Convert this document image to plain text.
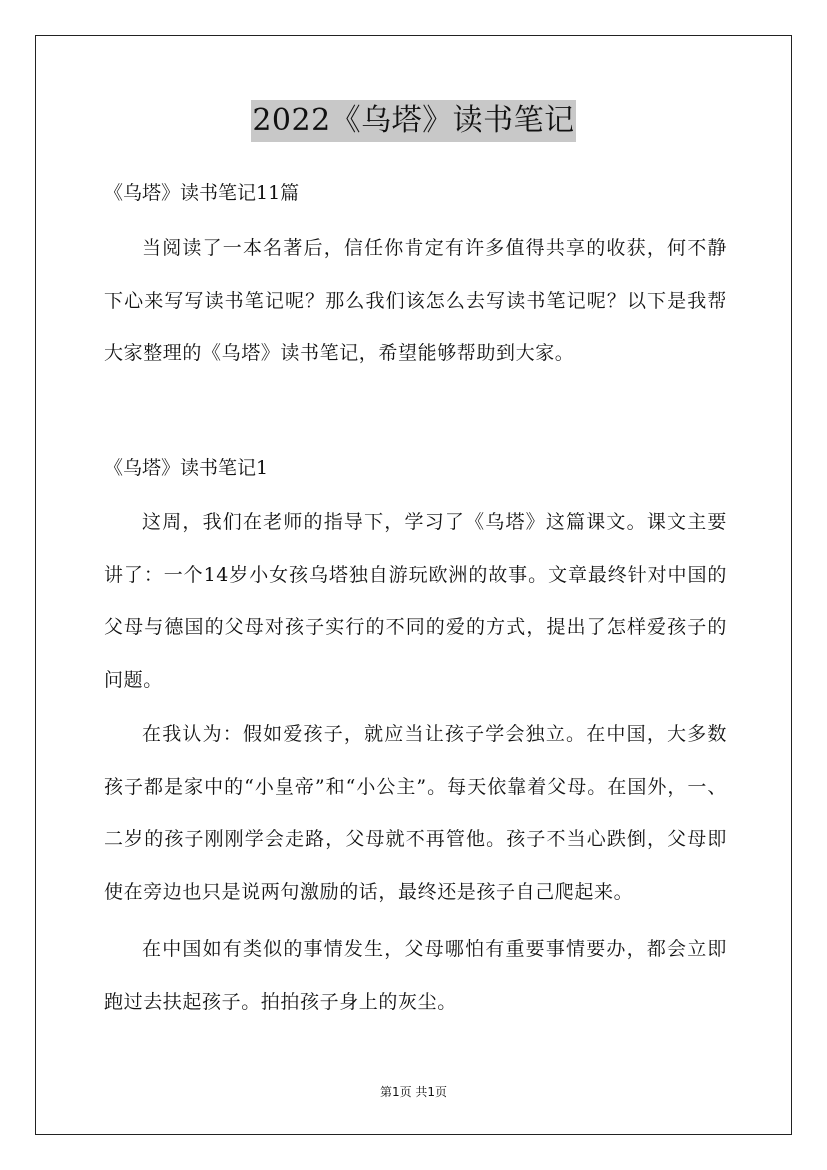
2022《乌塔》读书笔记
《乌塔》读书笔记11篇

当阅读了一本名著后，信任你肯定有许多值得共享的收获，何不静下心来写写读书笔记呢？那么我们该怎么去写读书笔记呢？以下是我帮大家整理的《乌塔》读书笔记，希望能够帮助到大家。

《乌塔》读书笔记1

这周，我们在老师的指导下，学习了《乌塔》这篇课文。课文主要讲了：一个14岁小女孩乌塔独自游玩欧洲的故事。文章最终针对中国的父母与德国的父母对孩子实行的不同的爱的方式，提出了怎样爱孩子的问题。

在我认为：假如爱孩子，就应当让孩子学会独立。在中国，大多数孩子都是家中的“小皇帝”和“小公主”。每天依靠着父母。在国外，一、二岁的孩子刚刚学会走路，父母就不再管他。孩子不当心跌倒，父母即使在旁边也只是说两句激励的话，最终还是孩子自己爬起来。

在中国如有类似的事情发生，父母哪怕有重要事情要办，都会立即跑过去扶起孩子。拍拍孩子身上的灰尘。

第1页 共1页
